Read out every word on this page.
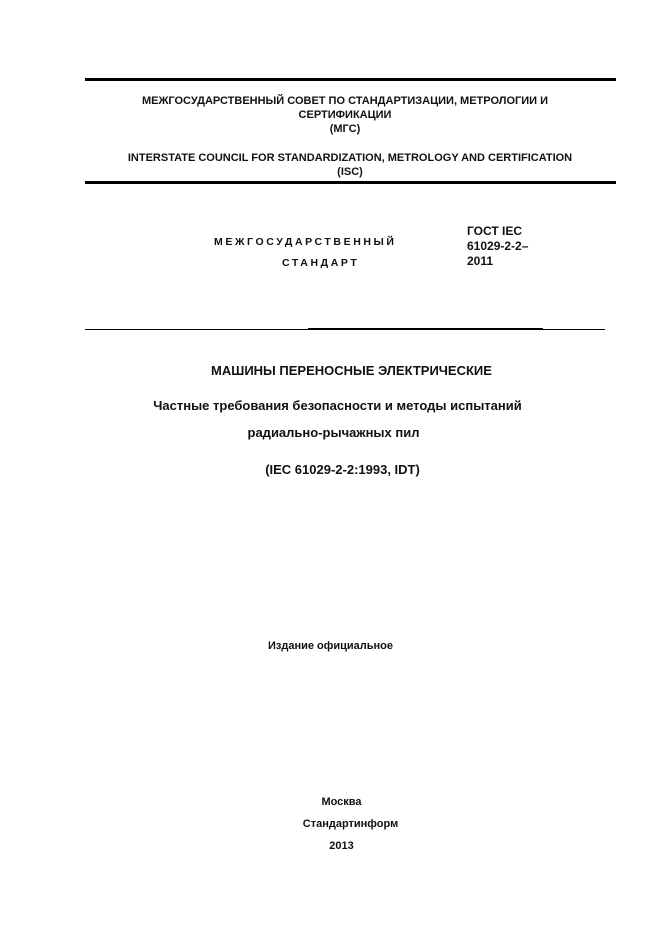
МЕЖГОСУДАРСТВЕННЫЙ СОВЕТ ПО СТАНДАРТИЗАЦИИ, МЕТРОЛОГИИ И
СЕРТИФИКАЦИИ
(МГС)
INTERSTATE COUNCIL FOR STANDARDIZATION, METROLOGY AND CERTIFICATION
(ISC)
МЕЖГОСУДАРСТВЕННЫЙ
СТАНДАРТ
ГОСТ IEC
61029-2-2–
2011
МАШИНЫ ПЕРЕНОСНЫЕ ЭЛЕКТРИЧЕСКИЕ
Частные требования безопасности и методы испытаний
радиально-рычажных пил
(IEC 61029-2-2:1993, IDT)
Издание официальное
Москва
Стандартинформ
2013
